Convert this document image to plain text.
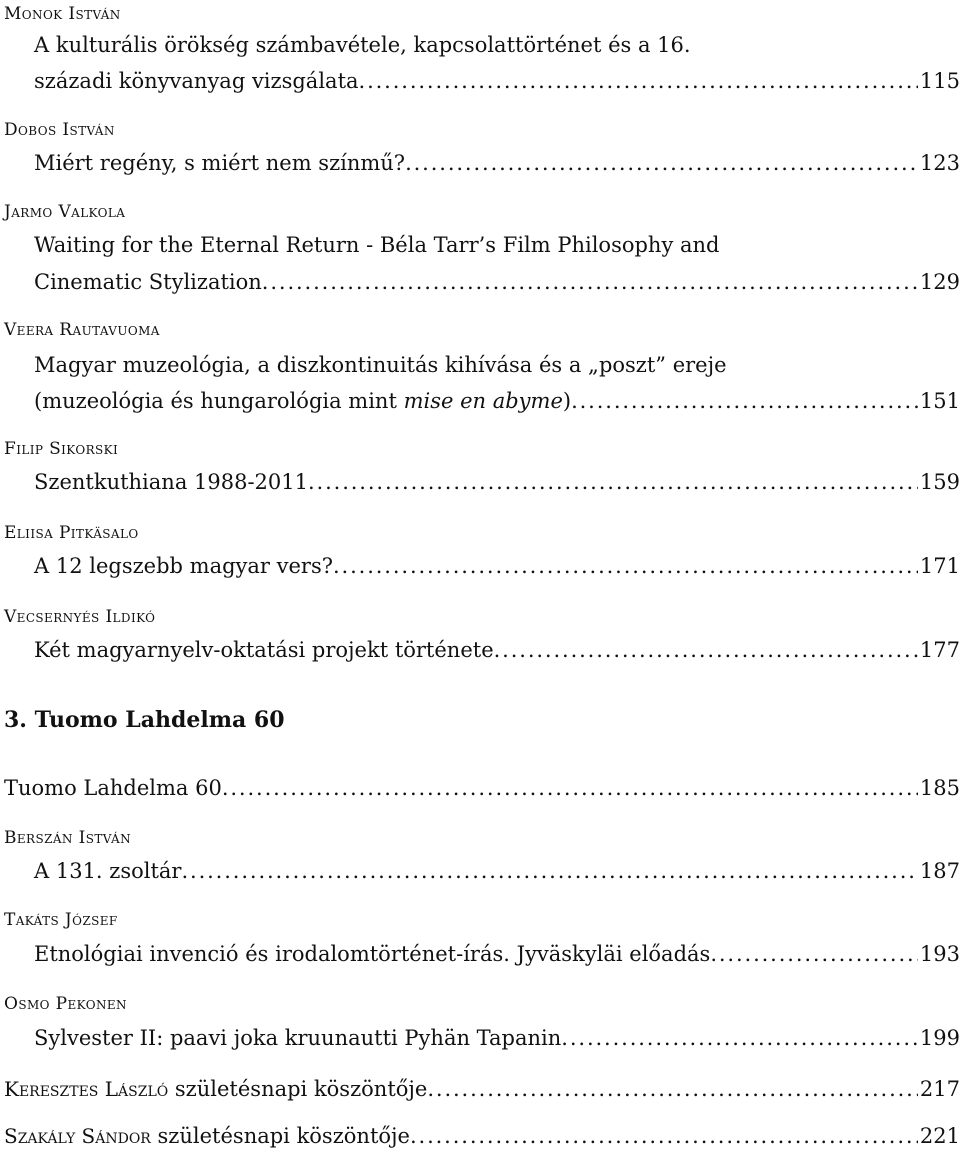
Monok István
A kulturális örökség számbavétele, kapcsolattörténet és a 16.
századi könyvanyag vizsgálata . . .	115
Dobos István
Miért regény, s miért nem színmű? . . .	123
Jarmo Valkola
Waiting for the Eternal Return - Béla Tarr’s Film Philosophy and
Cinematic Stylization . . .	129
Veera Rautavuoma
Magyar muzeológia, a diszkontinuitás kihívása és a „poszt” ereje
(muzeológia és hungarológia mint mise en abyme) . . .	151
Filip Sikorski
Szentkuthiana 1988-2011 . . .	159
Eliisa Pitkäsalo
A 12 legszebb magyar vers? . . .	171
Vecsernyés Ildikó
Két magyarnyelv-oktatási projekt története . . .	177
3. Tuomo Lahdelma 60
Tuomo Lahdelma 60 . . .	185
Berszán István
A 131. zsoltár . . .	187
Takáts József
Etnológiai invenció és irodalomtörténet-írás. Jyväskyläi előadás . . .	193
Osmo Pekonen
Sylvester II: paavi joka kruunautti Pyhän Tapanin . . .	199
Keresztes László születésnapi köszöntője . . .	217
Szakály Sándor születésnapi köszöntője . . .	221
